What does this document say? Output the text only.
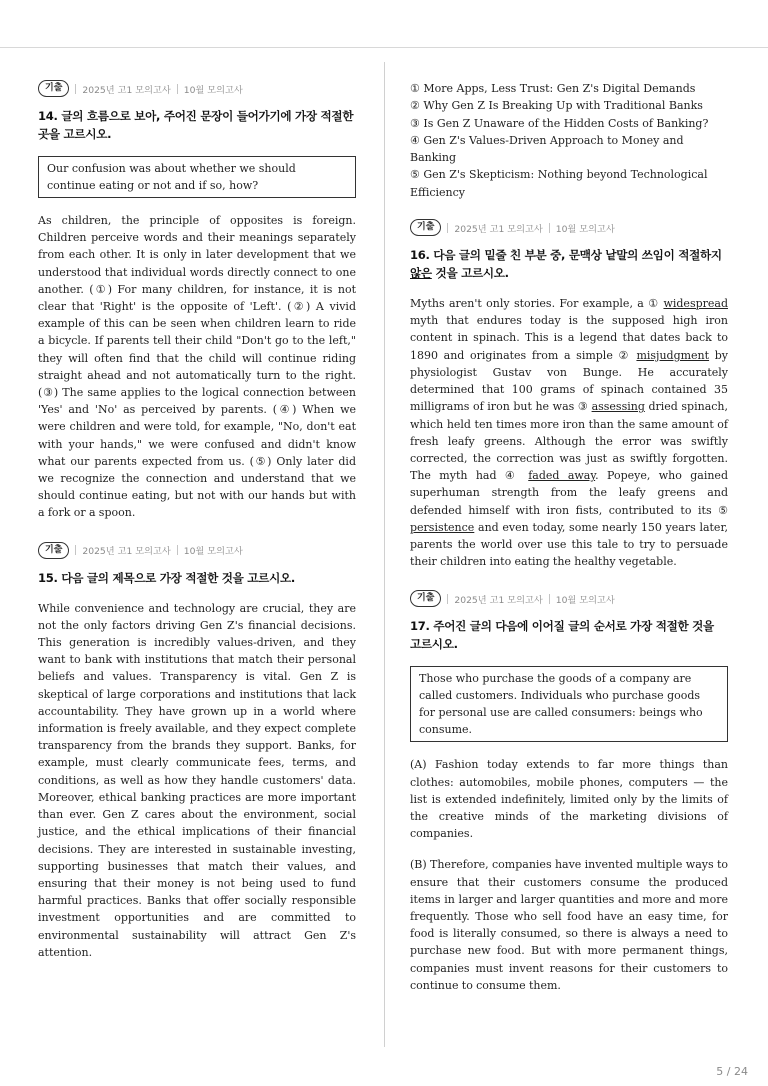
기출	2025년 고1 모의고사 10월 모의고사
14. 글의 흐름으로 보아, 주어진 문장이 들어가기에 가장 적절한 곳을 고르시오.
Our confusion was about whether we should continue eating or not and if so, how?
As children, the principle of opposites is foreign. Children perceive words and their meanings separately from each other. It is only in later development that we understood that individual words directly connect to one another. (①) For many children, for instance, it is not clear that 'Right' is the opposite of 'Left'. (②) A vivid example of this can be seen when children learn to ride a bicycle. If parents tell their child "Don't go to the left," they will often find that the child will continue riding straight ahead and not automatically turn to the right. (③) The same applies to the logical connection between 'Yes' and 'No' as perceived by parents. (④) When we were children and were told, for example, "No, don't eat with your hands," we were confused and didn't know what our parents expected from us. (⑤) Only later did we recognize the connection and understand that we should continue eating, but not with our hands but with a fork or a spoon.
기출	2025년 고1 모의고사 10월 모의고사
15. 다음 글의 제목으로 가장 적절한 것을 고르시오.
While convenience and technology are crucial, they are not the only factors driving Gen Z's financial decisions. This generation is incredibly values-driven, and they want to bank with institutions that match their personal beliefs and values. Transparency is vital. Gen Z is skeptical of large corporations and institutions that lack accountability. They have grown up in a world where information is freely available, and they expect complete transparency from the brands they support. Banks, for example, must clearly communicate fees, terms, and conditions, as well as how they handle customers' data. Moreover, ethical banking practices are more important than ever. Gen Z cares about the environment, social justice, and the ethical implications of their financial decisions. They are interested in sustainable investing, supporting businesses that match their values, and ensuring that their money is not being used to fund harmful practices. Banks that offer socially responsible investment opportunities and are committed to environmental sustainability will attract Gen Z's attention.
① More Apps, Less Trust: Gen Z's Digital Demands
② Why Gen Z Is Breaking Up with Traditional Banks
③ Is Gen Z Unaware of the Hidden Costs of Banking?
④ Gen Z's Values-Driven Approach to Money and Banking
⑤ Gen Z's Skepticism: Nothing beyond Technological Efficiency
기출	2025년 고1 모의고사 10월 모의고사
16. 다음 글의 밑줄 친 부분 중, 문맥상 낱말의 쓰임이 적절하지 않은 것을 고르시오.
Myths aren't only stories. For example, a ① widespread myth that endures today is the supposed high iron content in spinach. This is a legend that dates back to 1890 and originates from a simple ② misjudgment by physiologist Gustav von Bunge. He accurately determined that 100 grams of spinach contained 35 milligrams of iron but he was ③ assessing dried spinach, which held ten times more iron than the same amount of fresh leafy greens. Although the error was swiftly corrected, the correction was just as swiftly forgotten. The myth had ④ faded away. Popeye, who gained superhuman strength from the leafy greens and defended himself with iron fists, contributed to its ⑤ persistence and even today, some nearly 150 years later, parents the world over use this tale to try to persuade their children into eating the healthy vegetable.
기출	2025년 고1 모의고사 10월 모의고사
17. 주어진 글의 다음에 이어질 글의 순서로 가장 적절한 것을 고르시오.
Those who purchase the goods of a company are called customers. Individuals who purchase goods for personal use are called consumers: beings who consume.
(A) Fashion today extends to far more things than clothes: automobiles, mobile phones, computers — the list is extended indefinitely, limited only by the limits of the creative minds of the marketing divisions of companies.
(B) Therefore, companies have invented multiple ways to ensure that their customers consume the produced items in larger and larger quantities and more and more frequently. Those who sell food have an easy time, for food is literally consumed, so there is always a need to purchase new food. But with more permanent things, companies must invent reasons for their customers to continue to consume them.
5 / 24
